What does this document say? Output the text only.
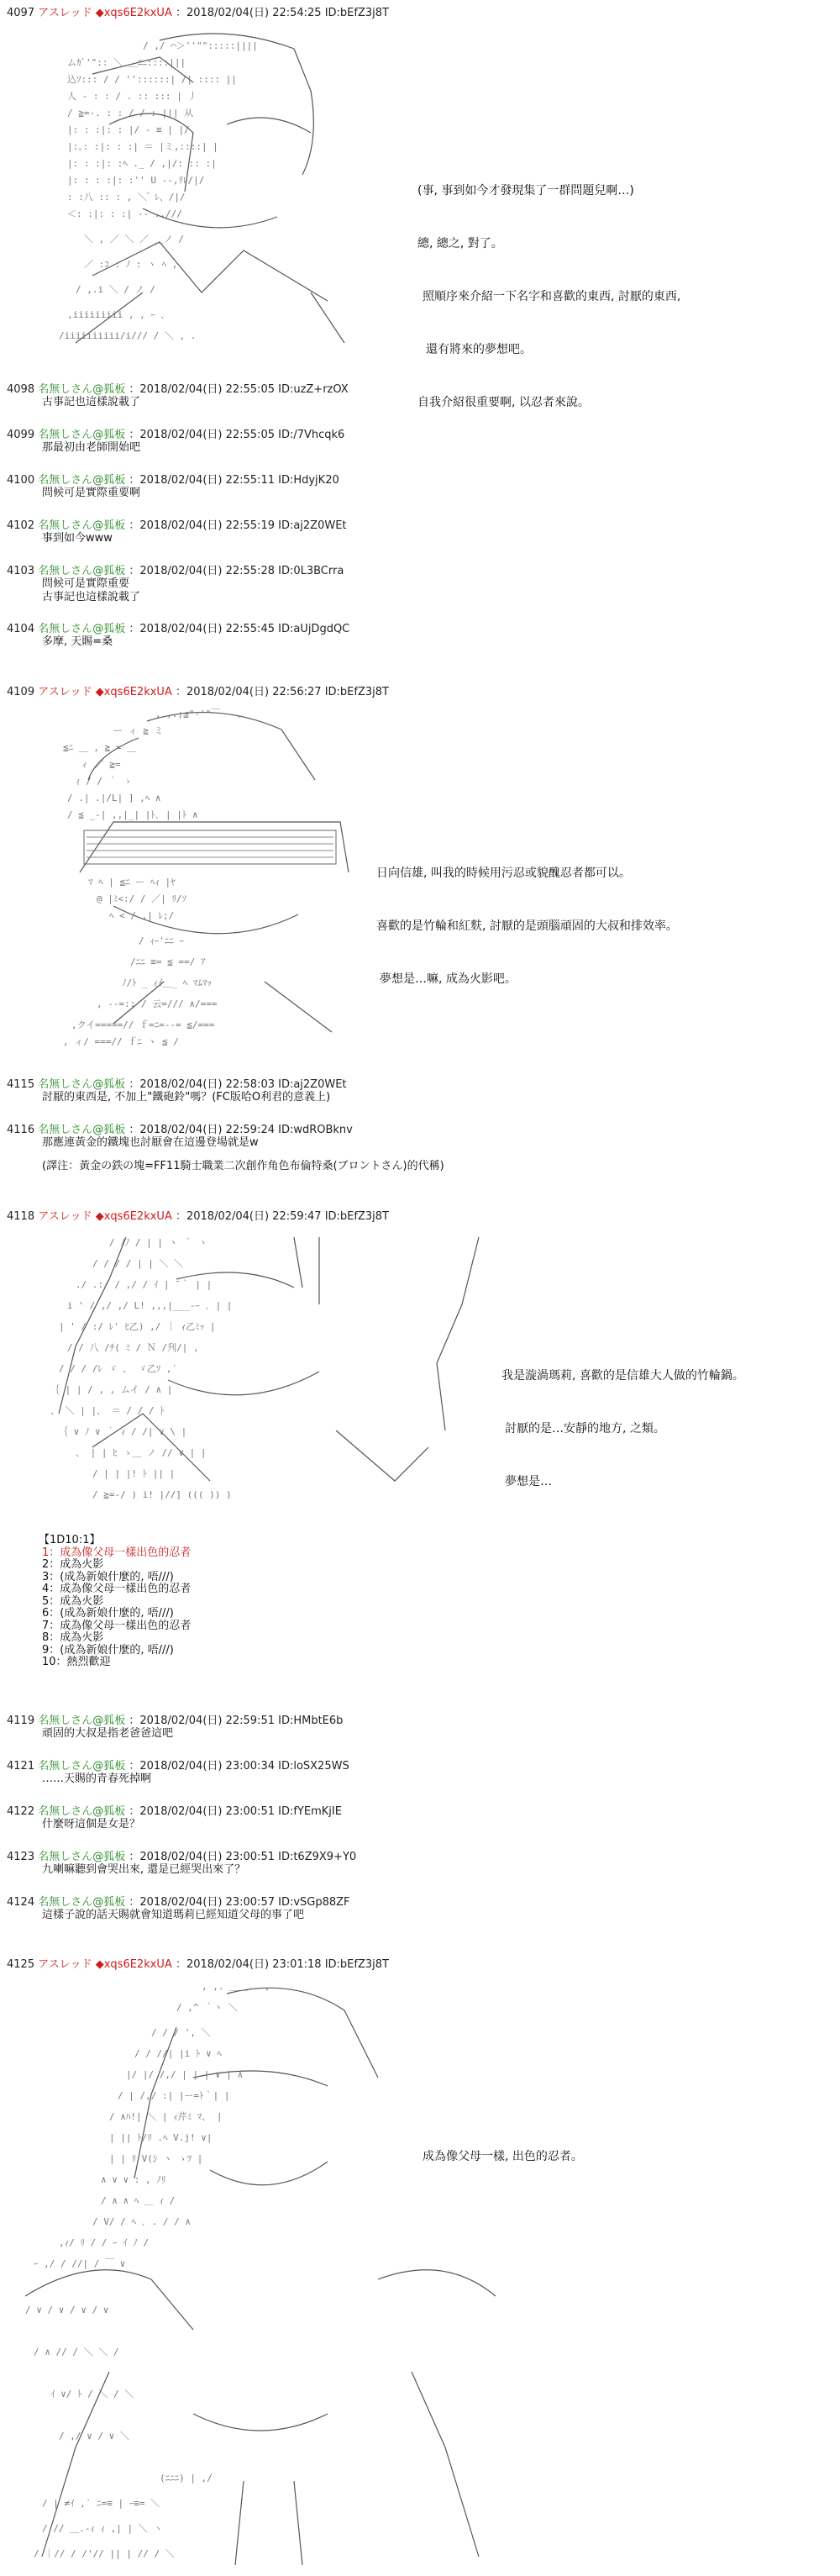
4097 アスレッド ◆xqs6E2kxUA ：2018/02/04(日) 22:54:25 ID:bEfZ3j8T
/ ,/ ⌒＞''"":::::||||
ムｶﾞ'":: ＼ ＿ﾆﾆ::::|||
込ｿ::: / / ''::::::| /| :::: ||
人 - : : / . :: ::: | 丿
/ ≧=-. : : / / : ||| 从
|: : :|: : |/ - ≡ | |/
|:｡: :|: : :| ＝ |ミ,::::| |
|: : :|: :ﾍ ._ / ,|/: :: :|
|: : : :|: :'' U --,ﾘﾚ/|/
: :八 :: : , ＼ ゙ ﾚ、/|/
＜: :|: : :| -‐ ..///
＼ , ／ ＼ ／ ＿ノ /
／ :ｺ : ﾉ : ヽ ﾍ ,
/ ,.i ＼ / ノ /
,iiiiiiiii , , ｰ ､
/iiiiiiiiii/i/// / ＼ , .

(事, 事到如今才發現集了一群問題兒啊…)

總, 總之, 對了。

照順序來介紹一下名字和喜歡的東西, 討厭的東西,

還有將來的夢想吧。

自我介紹很重要啊, 以忍者來說。

4098 名無しさん@狐板 ：2018/02/04(日) 22:55:05 ID:uzZ+rzOX
古事記也這樣說載了
4099 名無しさん@狐板 ：2018/02/04(日) 22:55:05 ID:/7Vhcqk6
那最初由老師開始吧
4100 名無しさん@狐板 ：2018/02/04(日) 22:55:11 ID:HdyjK20
問候可是實際重要啊
4102 名無しさん@狐板 ：2018/02/04(日) 22:55:19 ID:aj2Z0WEt
事到如今www
4103 名無しさん@狐板 ：2018/02/04(日) 22:55:28 ID:0L3BCrra
問候可是實際重要
古事記也這樣說載了
4104 名無しさん@狐板 ：2018/02/04(日) 22:55:45 ID:aUjDgdQC
多摩, 天賜=桑
4109 アスレッド ◆xqs6E2kxUA ：2018/02/04(日) 22:56:27 ID:bEfZ3j8T
, ,.;≦"‐'"￣ ‐ ､
ー ィ ≧ ミ
≦ﾆ ＿ , ≧ = ＿
ィ ／ ≧=
ｨ / / ｀ ゝ
/ .| .|/L| ] ,ﾍ ∧
/ ≦ _-| ,,|_| |ﾄ､ | |ﾄ ∧
ﾏ ﾍ | ≦ﾆ ー ﾍｨ |ﾔ
@ |ﾐ<:/ / ／| ﾘ/ｿ
ﾍ < / ,| ﾚ;/
/ ｨｰ'ﾆﾆ ｰ
/ﾆﾆ ≡= ≦ ==/ ｱ
ﾉ/ﾄ _ ｨｲ＿_ ﾍ ﾏﾑﾏｯ
, ‐‐=:: / 云=/// ∧/===
,クイ=====// ｆ=ﾆ=-‐= ≦/===
, ィ/ ===// ｆﾆ ヽ ≦ /

日向信雄, 叫我的時候用污忍或貌醜忍者都可以。

喜歡的是竹輪和紅麩, 討厭的是頭腦頑固的大叔和排效率。

夢想是…嘛, 成為火影吧。

4115 名無しさん@狐板 ：2018/02/04(日) 22:58:03 ID:aj2Z0WEt
討厭的東西是, 不加上"鐵砲鈴"嗎？(FC版哈O利君的意義上)
4116 名無しさん@狐板 ：2018/02/04(日) 22:59:24 ID:wdROBknv
那應連黃金的鐵塊也討厭會在這邊登場就是w
(譯注：黃金の鉄の塊=FF11騎士職業二次創作角色布倫特桑(ブロントさん)的代稱)
4118 アスレッド ◆xqs6E2kxUA ：2018/02/04(日) 22:59:47 ID:bEfZ3j8T
/ ﾉﾉ / | | ヽ ｀ ヽ
/ / / / | | ＼ ＼
./ .:/ / ,/ / ｲ | ̄ ｀ | |
i ' / ,/ ,/ L! ,,,|___-ｰ ､ | |
| ' / :/ ﾚ' ﾋ乙) ,/ ｜ ｨ乙ﾐｯ |
/ / 八 /ﾁ( ﾐ / Ｎ /刋/| ,
/ / / /ﾚ ゞ 、 ゞ乙ｿ ,′
｛ | | / , , ムイ / ∧ |
、 ＼ | |、 ＝ / / / ﾄ
｛ ∨ ﾉ ∨ ｀ ｨ / /| ∨ \ |
、 | | ﾋ ゝ＿ ノ // ∨ | |
/ | | |! ﾄ || |
/ ≧=-/ ) i! |//] ((( )) )

我是漩渦瑪莉, 喜歡的是信雄大人做的竹輪鍋。

討厭的是…安靜的地方, 之類。

夢想是…

【1D10:1】
1：成為像父母一樣出色的忍者
2：成為火影
3：(成為新娘什麼的, 唔///)
4：成為像父母一樣出色的忍者
5：成為火影
6：(成為新娘什麼的, 唔///)
7：成為像父母一樣出色的忍者
8：成為火影
9：(成為新娘什麼的, 唔///)
10：熱烈歡迎
4119 名無しさん@狐板 ：2018/02/04(日) 22:59:51 ID:HMbtE6b
頑固的大叔是指老爸爸這吧
4121 名無しさん@狐板 ：2018/02/04(日) 23:00:34 ID:loSX25WS
……天賜的青春死掉啊
4122 名無しさん@狐板 ：2018/02/04(日) 23:00:51 ID:fYEmKjIE
什麼呀這個是女是？
4123 名無しさん@狐板 ：2018/02/04(日) 23:00:51 ID:t6Z9X9+Y0
九喇嘛聽到會哭出來, 還是已經哭出來了？
4124 名無しさん@狐板 ：2018/02/04(日) 23:00:57 ID:vSGp88ZF
這樣子說的話天賜就會知道瑪莉已經知道父母的事了吧
4125 アスレッド ◆xqs6E2kxUA ：2018/02/04(日) 23:01:18 ID:bEfZ3j8T
, ,. ＿＿.. ,
/ ,^ ｀ヽ ＼
/ / / ', ＼
/ / //| |i ﾄ ∨ ﾍ
|/ |/ /,/ | | | ∨ | ∧
/ | /,/ :| |ー=ﾄ｀| |
/ ∧ﾊ!| ＼ | ｨ芹ﾐ ﾏ、 |
| || ﾄ/ﾘ .ﾍ V.j! ∨|
| | ﾘ V(ｼ ヽ ゝﾂ |
∧ ∨ ∨ : , ﾉﾘ
/ ∧ ∧ ﾍ ＿ ｨ /
/ V/ / ﾍ ､ . / / ∧
,ｨ/ ﾘ / / ｰ ｲ ﾉ /
ｰ ,/ / //| / ￣ ∨
/ ∨ / ∨ / ∨ / ∨
/ ∧ // / ＼ ＼ /
ｲ ∨/ ﾄ / ＼ / ＼
/ ,/ ∨ / ∨ ＼
(ﾆﾆﾆ) | ,/
/ | ≠ｲ ,′ ﾆ=≡ | ｰ≡= ＼
/ // ＿.-ｨ ｨ ,| | ＼ ヽ
/ ｜// / /'// || | // / ＼

成為像父母一樣, 出色的忍者。
